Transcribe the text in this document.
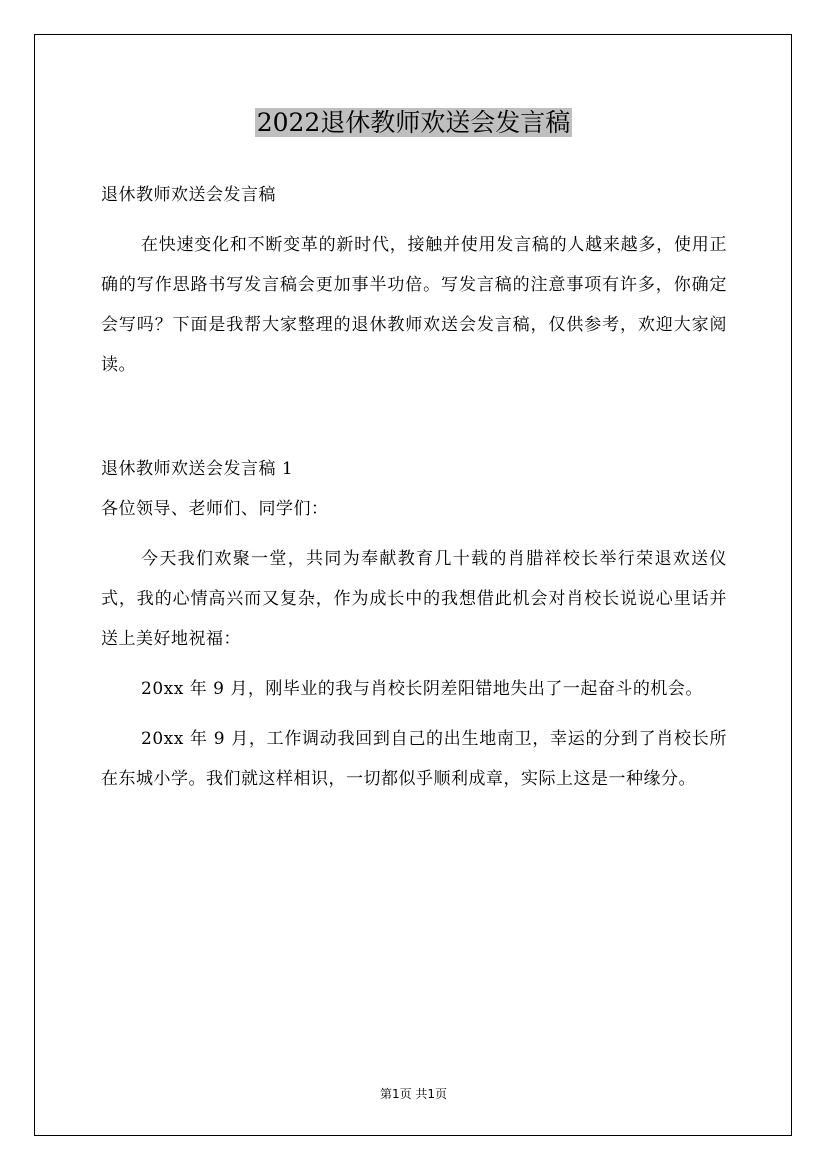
2022退休教师欢送会发言稿

退休教师欢送会发言稿

在快速变化和不断变革的新时代，接触并使用发言稿的人越来越多，使用正确的写作思路书写发言稿会更加事半功倍。写发言稿的注意事项有许多，你确定会写吗？下面是我帮大家整理的退休教师欢送会发言稿，仅供参考，欢迎大家阅读。

退休教师欢送会发言稿 1

各位领导、老师们、同学们：

今天我们欢聚一堂，共同为奉献教育几十载的肖腊祥校长举行荣退欢送仪式，我的心情高兴而又复杂，作为成长中的我想借此机会对肖校长说说心里话并送上美好地祝福：

20xx 年 9 月，刚毕业的我与肖校长阴差阳错地失出了一起奋斗的机会。

20xx 年 9 月，工作调动我回到自己的出生地南卫，幸运的分到了肖校长所在东城小学。我们就这样相识，一切都似乎顺利成章，实际上这是一种缘分。

第1页 共1页
